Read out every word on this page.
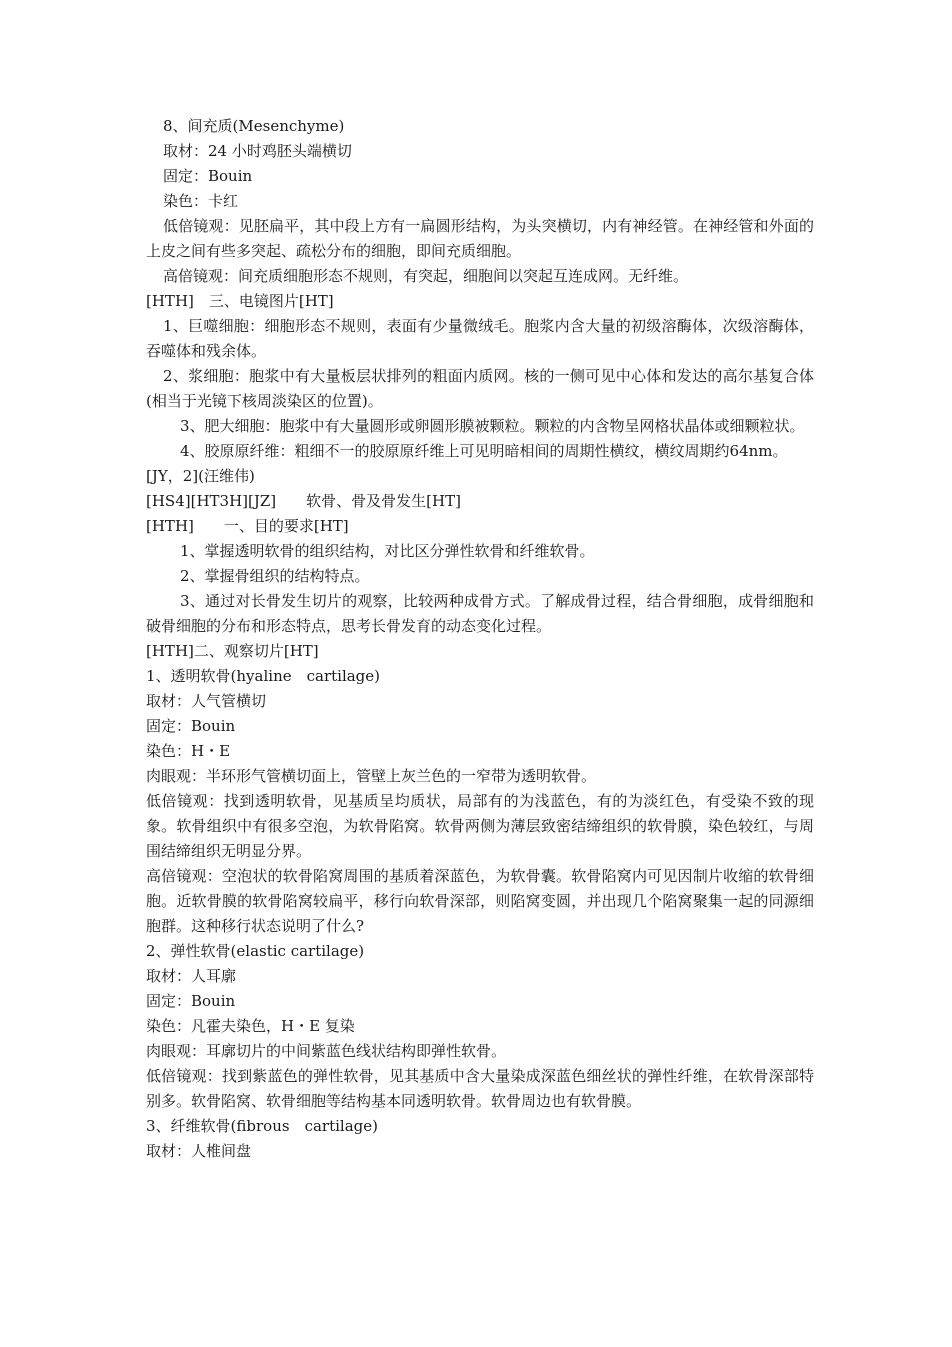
8、间充质(Mesenchyme)
取材：24 小时鸡胚头端横切
固定：Bouin
染色：卡红
低倍镜观：见胚扁平，其中段上方有一扁圆形结构，为头突横切，内有神经管。在神经管和外面的上皮之间有些多突起、疏松分布的细胞，即间充质细胞。
高倍镜观：间充质细胞形态不规则，有突起，细胞间以突起互连成网。无纤维。
[HTH]　三、电镜图片[HT]
1、巨噬细胞：细胞形态不规则，表面有少量微绒毛。胞浆内含大量的初级溶酶体，次级溶酶体，吞噬体和残余体。
2、浆细胞：胞浆中有大量板层状排列的粗面内质网。核的一侧可见中心体和发达的高尔基复合体(相当于光镜下核周淡染区的位置)。
3、肥大细胞：胞浆中有大量圆形或卵圆形膜被颗粒。颗粒的内含物呈网格状晶体或细颗粒状。
4、胶原原纤维：粗细不一的胶原原纤维上可见明暗相间的周期性横纹，横纹周期约64nm。
[JY，2](汪维伟)
[HS4][HT3H][JZ]　　软骨、骨及骨发生[HT]
[HTH]　　一、目的要求[HT]
1、掌握透明软骨的组织结构，对比区分弹性软骨和纤维软骨。
2、掌握骨组织的结构特点。
3、通过对长骨发生切片的观察，比较两种成骨方式。了解成骨过程，结合骨细胞，成骨细胞和破骨细胞的分布和形态特点，思考长骨发育的动态变化过程。
[HTH]二、观察切片[HT]
1、透明软骨(hyaline　cartilage)
取材：人气管横切
固定：Bouin
染色：H・E
肉眼观：半环形气管横切面上，管壁上灰兰色的一窄带为透明软骨。
低倍镜观：找到透明软骨，见基质呈均质状，局部有的为浅蓝色，有的为淡红色，有受染不致的现象。软骨组织中有很多空泡，为软骨陷窝。软骨两侧为薄层致密结缔组织的软骨膜，染色较红，与周围结缔组织无明显分界。
高倍镜观：空泡状的软骨陷窝周围的基质着深蓝色，为软骨囊。软骨陷窝内可见因制片收缩的软骨细胞。近软骨膜的软骨陷窝较扁平，移行向软骨深部，则陷窝变圆，并出现几个陷窝聚集一起的同源细胞群。这种移行状态说明了什么?
2、弹性软骨(elastic cartilage)
取材：人耳廓
固定：Bouin
染色：凡霍夫染色，H・E 复染
肉眼观：耳廓切片的中间紫蓝色线状结构即弹性软骨。
低倍镜观：找到紫蓝色的弹性软骨，见其基质中含大量染成深蓝色细丝状的弹性纤维，在软骨深部特别多。软骨陷窝、软骨细胞等结构基本同透明软骨。软骨周边也有软骨膜。
3、纤维软骨(fibrous　cartilage)
取材：人椎间盘
